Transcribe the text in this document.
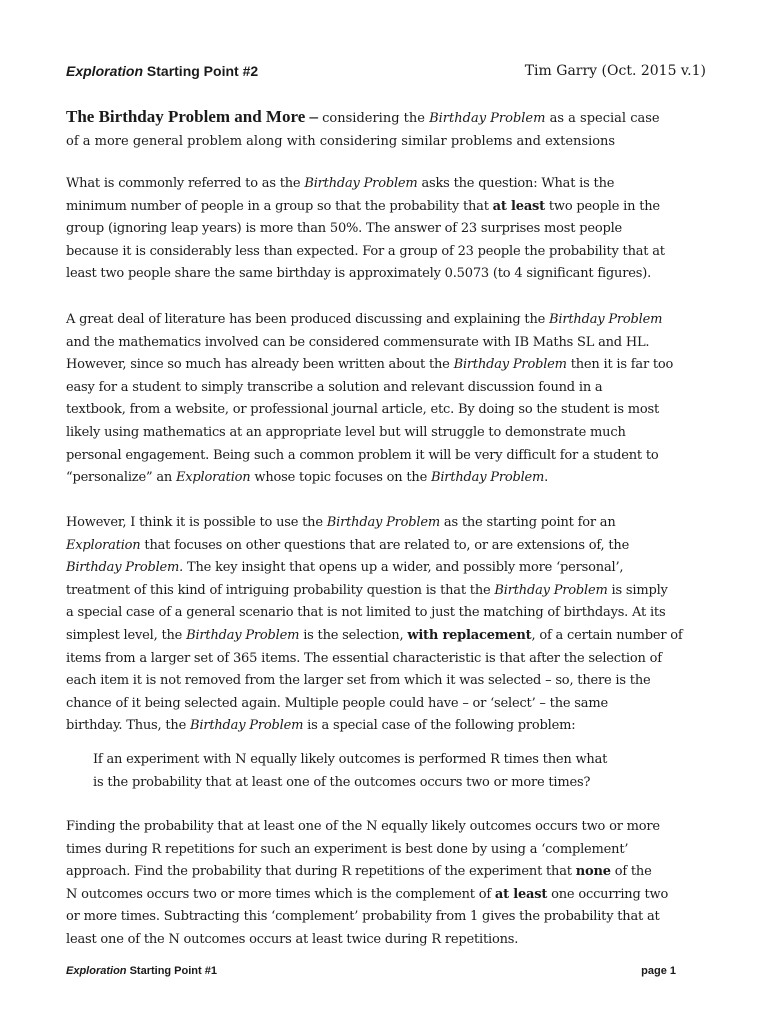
Exploration Starting Point #2	Tim Garry (Oct. 2015 v.1)
The Birthday Problem and More – considering the Birthday Problem as a special case
of a more general problem along with considering similar problems and extensions
What is commonly referred to as the Birthday Problem asks the question: What is the
minimum number of people in a group so that the probability that at least two people in the
group (ignoring leap years) is more than 50%. The answer of 23 surprises most people
because it is considerably less than expected. For a group of 23 people the probability that at
least two people share the same birthday is approximately 0.5073 (to 4 significant figures).
A great deal of literature has been produced discussing and explaining the Birthday Problem
and the mathematics involved can be considered commensurate with IB Maths SL and HL.
However, since so much has already been written about the Birthday Problem then it is far too
easy for a student to simply transcribe a solution and relevant discussion found in a
textbook, from a website, or professional journal article, etc. By doing so the student is most
likely using mathematics at an appropriate level but will struggle to demonstrate much
personal engagement. Being such a common problem it will be very difficult for a student to
“personalize” an Exploration whose topic focuses on the Birthday Problem.
However, I think it is possible to use the Birthday Problem as the starting point for an
Exploration that focuses on other questions that are related to, or are extensions of, the
Birthday Problem. The key insight that opens up a wider, and possibly more ‘personal’,
treatment of this kind of intriguing probability question is that the Birthday Problem is simply
a special case of a general scenario that is not limited to just the matching of birthdays. At its
simplest level, the Birthday Problem is the selection, with replacement, of a certain number of
items from a larger set of 365 items. The essential characteristic is that after the selection of
each item it is not removed from the larger set from which it was selected – so, there is the
chance of it being selected again. Multiple people could have – or ‘select’ – the same
birthday. Thus, the Birthday Problem is a special case of the following problem:
If an experiment with N equally likely outcomes is performed R times then what
is the probability that at least one of the outcomes occurs two or more times?
Finding the probability that at least one of the N equally likely outcomes occurs two or more
times during R repetitions for such an experiment is best done by using a ‘complement’
approach. Find the probability that during R repetitions of the experiment that none of the
N outcomes occurs two or more times which is the complement of at least one occurring two
or more times. Subtracting this ‘complement’ probability from 1 gives the probability that at
least one of the N outcomes occurs at least twice during R repetitions.
Exploration Starting Point #1	page 1
